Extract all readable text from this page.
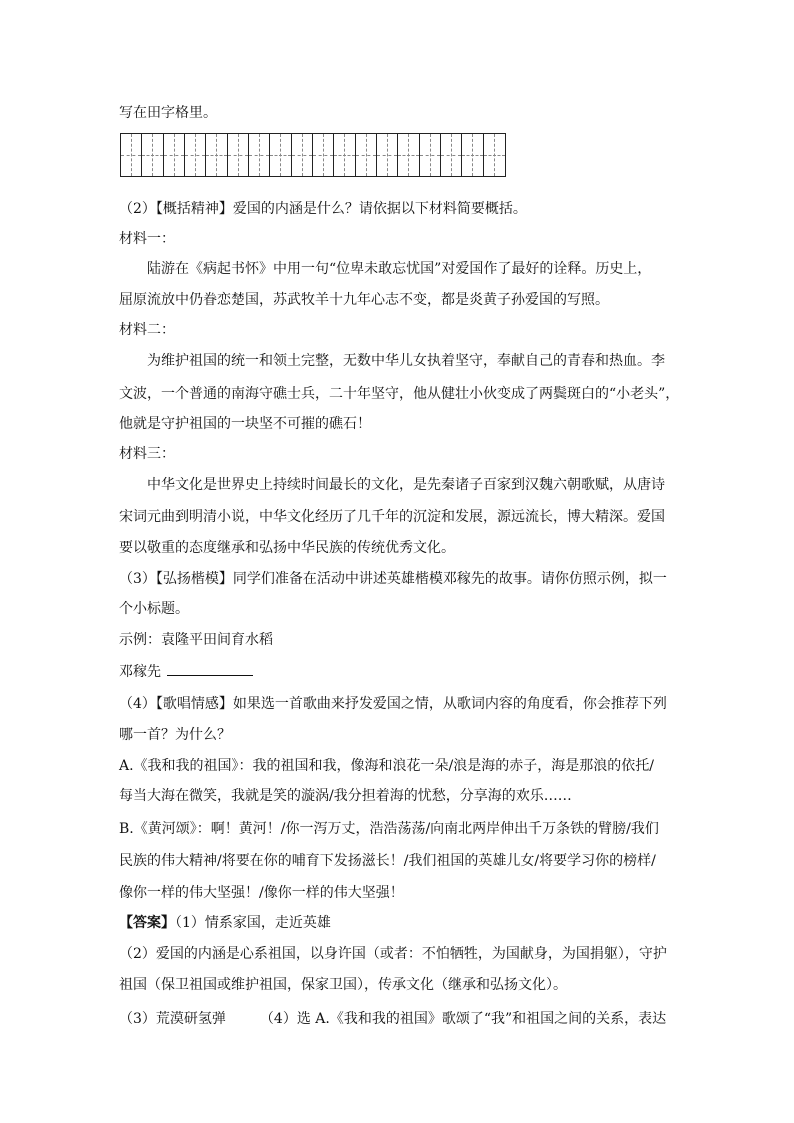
写在田字格里。
（2）【概括精神】爱国的内涵是什么？请依据以下材料简要概括。
材料一：
陆游在《病起书怀》中用一句“位卑未敢忘忧国”对爱国作了最好的诠释。历史上，
屈原流放中仍眷恋楚国，苏武牧羊十九年心志不变，都是炎黄子孙爱国的写照。
材料二：
为维护祖国的统一和领土完整，无数中华儿女执着坚守，奉献自己的青春和热血。李
文波，一个普通的南海守礁士兵，二十年坚守，他从健壮小伙变成了两鬓斑白的“小老头”，
他就是守护祖国的一块坚不可摧的礁石！
材料三：
中华文化是世界史上持续时间最长的文化，是先秦诸子百家到汉魏六朝歌赋，从唐诗
宋词元曲到明清小说，中华文化经历了几千年的沉淀和发展，源远流长，博大精深。爱国
要以敬重的态度继承和弘扬中华民族的传统优秀文化。
（3）【弘扬楷模】同学们准备在活动中讲述英雄楷模邓稼先的故事。请你仿照示例，拟一
个小标题。
示例：袁隆平田间育水稻
邓稼先
（4）【歌唱情感】如果选一首歌曲来抒发爱国之情，从歌词内容的角度看，你会推荐下列
哪一首？为什么？
A.《我和我的祖国》：我的祖国和我，像海和浪花一朵/浪是海的赤子，海是那浪的依托/
每当大海在微笑，我就是笑的漩涡/我分担着海的忧愁，分享海的欢乐……
B.《黄河颂》：啊！黄河！/你一泻万丈，浩浩荡荡/向南北两岸伸出千万条铁的臂膀/我们
民族的伟大精神/将要在你的哺育下发扬滋长！/我们祖国的英雄儿女/将要学习你的榜样/
像你一样的伟大坚强！/像你一样的伟大坚强！
【答案】（1）情系家国，走近英雄
（2）爱国的内涵是心系祖国，以身许国（或者：不怕牺牲，为国献身，为国捐躯），守护
祖国（保卫祖国或维护祖国，保家卫国），传承文化（继承和弘扬文化）。
（3）荒漠研氢弹 （4）选 A.《我和我的祖国》歌颂了“我”和祖国之间的关系，表达
